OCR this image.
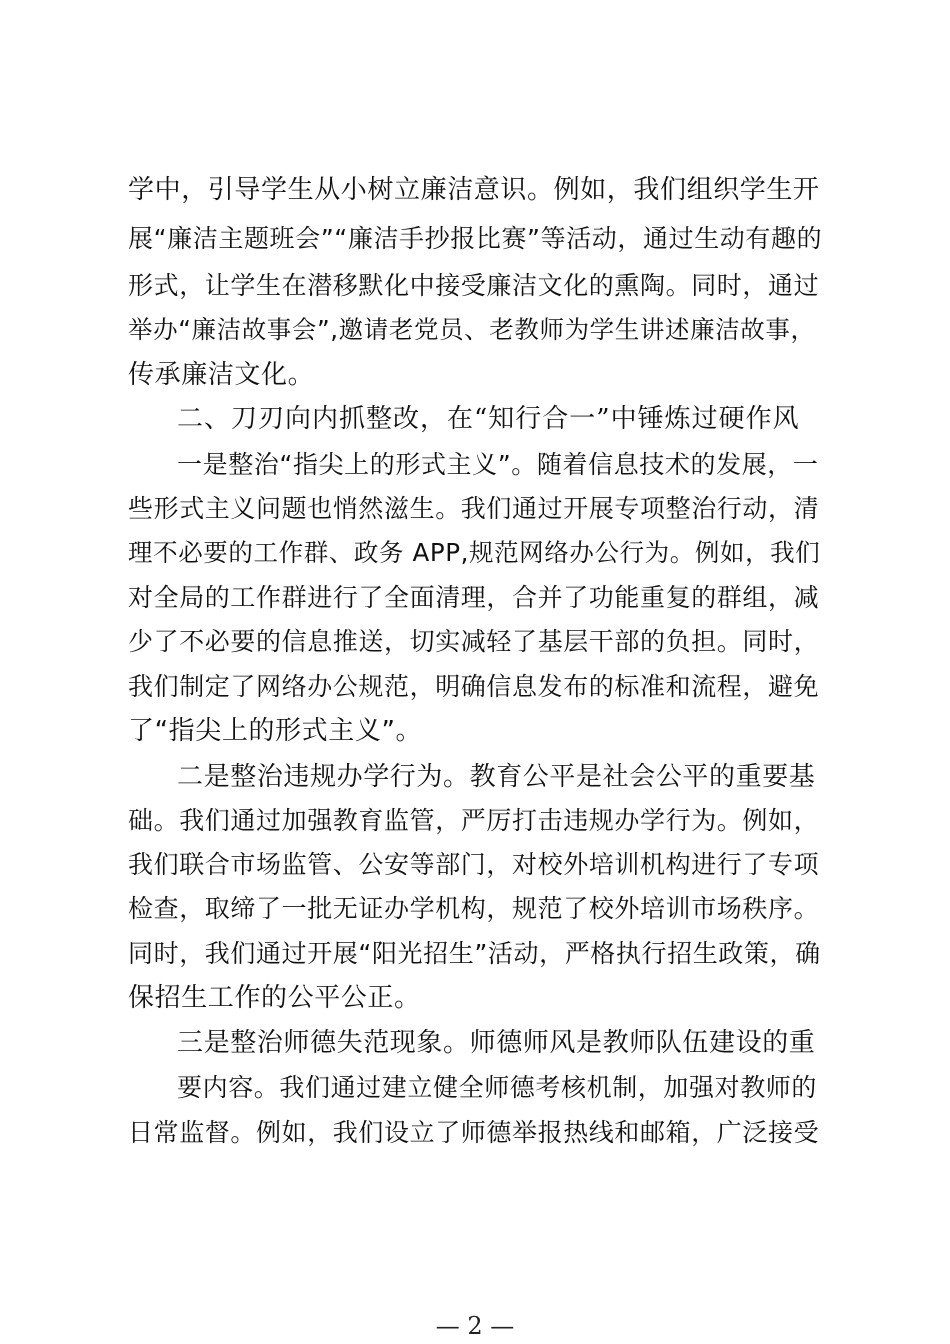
学中，引导学生从小树立廉洁意识。例如，我们组织学生开
展“廉洁主题班会”“廉洁手抄报比赛”等活动，通过生动有趣的
形式，让学生在潜移默化中接受廉洁文化的熏陶。同时，通过
举办“廉洁故事会”,邀请老党员、老教师为学生讲述廉洁故事，
传承廉洁文化。
二、刀刃向内抓整改，在“知行合一”中锤炼过硬作风
一是整治“指尖上的形式主义”。随着信息技术的发展，一
些形式主义问题也悄然滋生。我们通过开展专项整治行动，清
理不必要的工作群、政务 APP,规范网络办公行为。例如，我们
对全局的工作群进行了全面清理，合并了功能重复的群组，减
少了不必要的信息推送，切实减轻了基层干部的负担。同时，
我们制定了网络办公规范，明确信息发布的标准和流程，避免
了“指尖上的形式主义”。
二是整治违规办学行为。教育公平是社会公平的重要基
础。我们通过加强教育监管，严厉打击违规办学行为。例如，
我们联合市场监管、公安等部门，对校外培训机构进行了专项
检查，取缔了一批无证办学机构，规范了校外培训市场秩序。
同时，我们通过开展“阳光招生”活动，严格执行招生政策，确
保招生工作的公平公正。
三是整治师德失范现象。师德师风是教师队伍建设的重
要内容。我们通过建立健全师德考核机制，加强对教师的
日常监督。例如，我们设立了师德举报热线和邮箱，广泛接受
— 2 —
